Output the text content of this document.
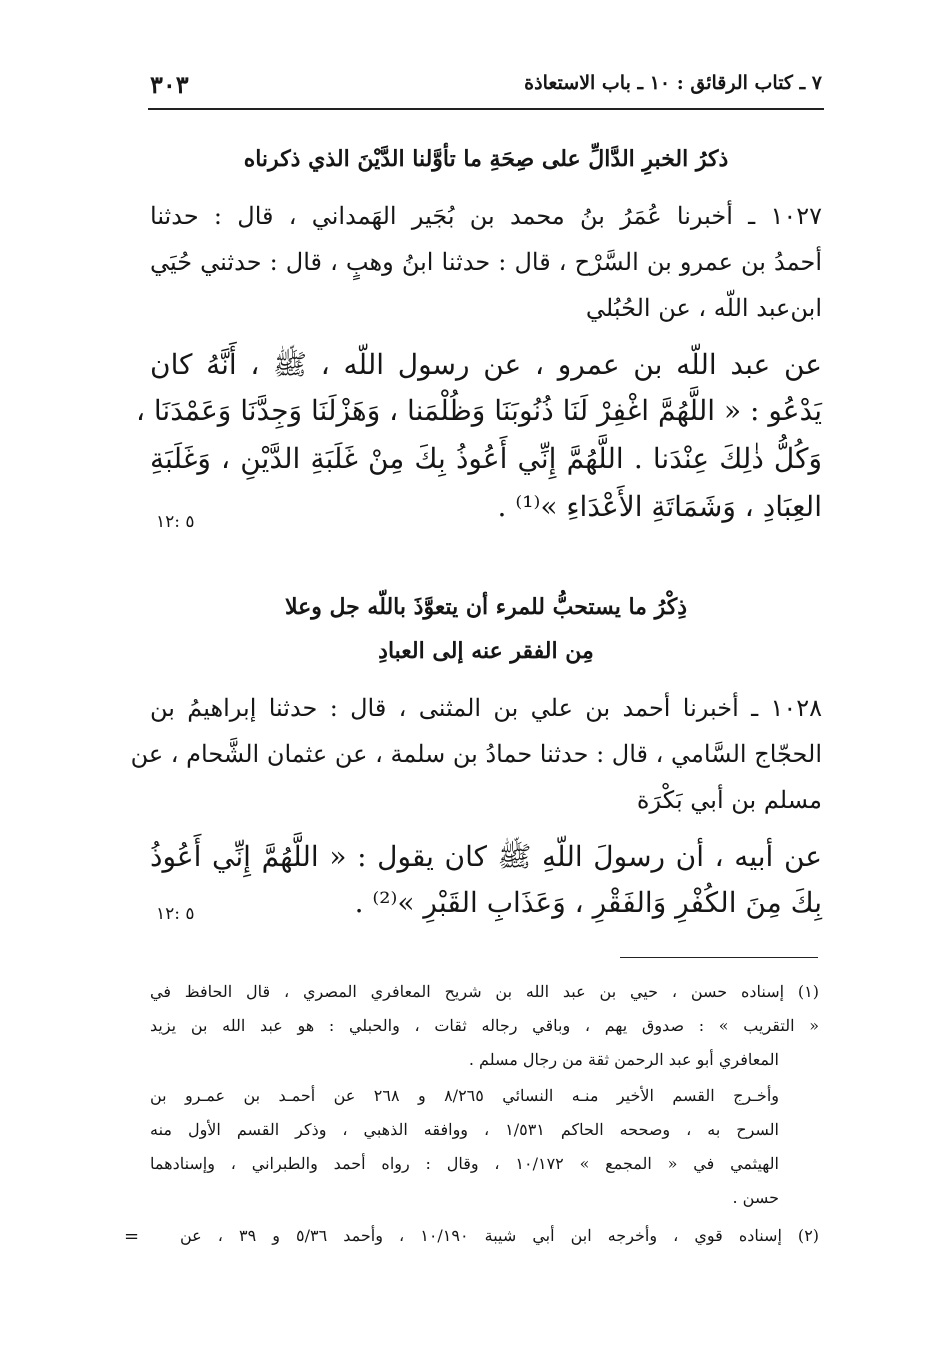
٧ ـ كتاب الرقائق : ١٠ ـ باب الاستعاذة
٣٠٣
ذكرُ الخبرِ الدَّالِّ على صِحَةِ ما تأوَّلنا الدَّيْنَ الذي ذكرناه
١٠٢٧ ـ أخبرنا عُمَرُ بنُ محمد بن بُجَير الهَمداني ، قال : حدثنا
أحمدُ بن عمرو بن السَّرْح ، قال : حدثنا ابنُ وهبٍ ، قال : حدثني حُيَي
ابن‌عبد اللّه ، عن الحُبُلي
عن عبد اللّه بن عمرو ، عن رسول اللّه ، ﷺ ، أَنَّهُ كان
يَدْعُو : « اللَّهُمَّ اغْفِرْ لَنَا ذُنُوبَنَا وَظُلْمَنا ، وَهَزْلَنَا وَجِدَّنَا وَعَمْدَنَا ،
وَكُلُّ ذٰلِكَ عِنْدَنا . اللَّهُمَّ إِنِّي أَعُوذُ بِكَ مِنْ غَلَبَةِ الدَّيْنِ ، وَغَلَبَةِ
العِبَادِ ، وَشَمَاتَةِ الأَعْدَاءِ »⁽¹⁾ .
٥ :١٢
ذِكْرُ ما يستحبُّ للمرء أن يتعوَّذَ باللّه جل وعلا
مِن الفقر عنه إلى العبادِ
١٠٢٨ ـ أخبرنا أحمد بن علي بن المثنى ، قال : حدثنا إبراهيمُ بن
الحجّاج السَّامي ، قال : حدثنا حمادُ بن سلمة ، عن عثمان الشَّحام ، عن
مسلم بن أبي بَكْرَة
عن أبيه ، أن رسولَ اللّهِ ﷺ كان يقول : « اللَّهُمَّ إِنِّي أَعُوذُ
بِكَ مِنَ الكُفْرِ وَالفَقْرِ ، وَعَذَابِ القَبْرِ »⁽²⁾ .
٥ :١٢
(١) إسناده حسن ، حيي بن عبد الله بن شريح المعافري المصري ، قال الحافظ في
« التقريب » : صدوق يهم ، وباقي رجاله ثقات ، والحبلي : هو عبد الله بن يزيد
المعافري أبو عبد الرحمن ثقة من رجال مسلم .
وأخـرج القسم الأخير منـه النسائي ٨/٢٦٥ و ٢٦٨ عن أحمـد بن عمـرو بن
السرح به ، وصححه الحاكم ١/٥٣١ ، ووافقه الذهبي ، وذكر القسم الأول منه
الهيثمي في « المجمع » ١٠/١٧٢ ، وقال : رواه أحمد والطبراني ، وإسنادهما
حسن .
(٢) إسناده قوي ، وأخرجه ابن أبي شيبة ١٠/١٩٠ ، وأحمد ٥/٣٦ و ٣٩ ، عن
=
